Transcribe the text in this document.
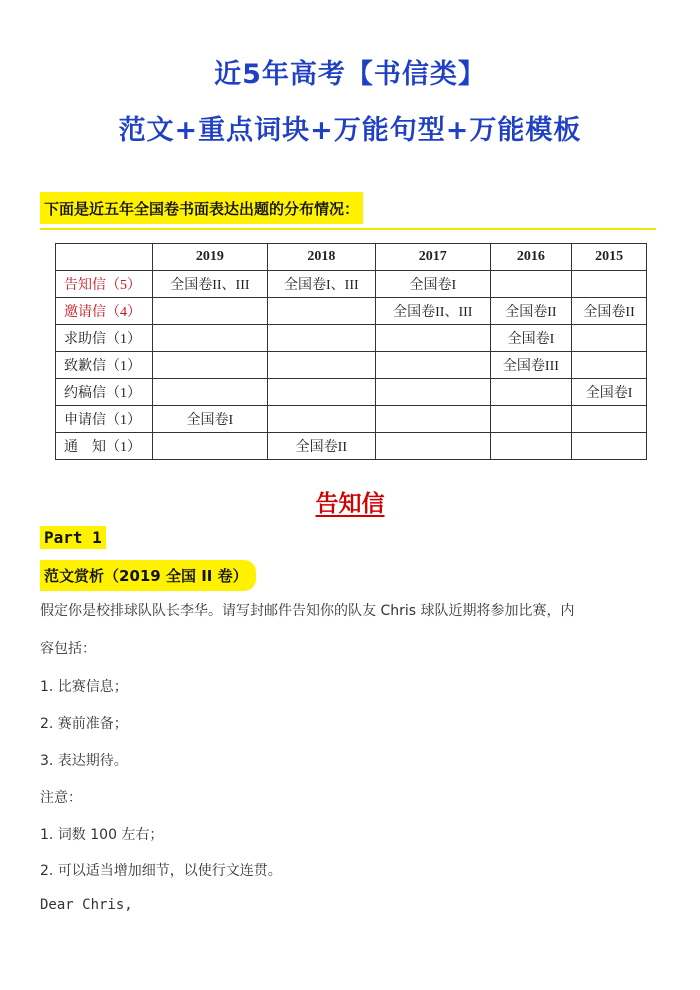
近5年高考【书信类】
范文+重点词块+万能句型+万能模板
下面是近五年全国卷书面表达出题的分布情况：
	2019	2018	2017	2016	2015
告知信（5）	全国卷II、III	全国卷I、III	全国卷I		
邀请信（4）			全国卷II、III	全国卷II	全国卷II
求助信（1）				全国卷I	
致歉信（1）				全国卷III	
约稿信（1）					全国卷I
申请信（1）	全国卷I				
通　知（1）		全国卷II			
告知信
Part 1
范文赏析（2019 全国 II 卷）
假定你是校排球队队长李华。请写封邮件告知你的队友 Chris 球队近期将参加比赛，内
容包括：
1. 比赛信息；
2. 赛前准备；
3. 表达期待。
注意：
1. 词数 100 左右；
2. 可以适当增加细节，以使行文连贯。
Dear Chris,
